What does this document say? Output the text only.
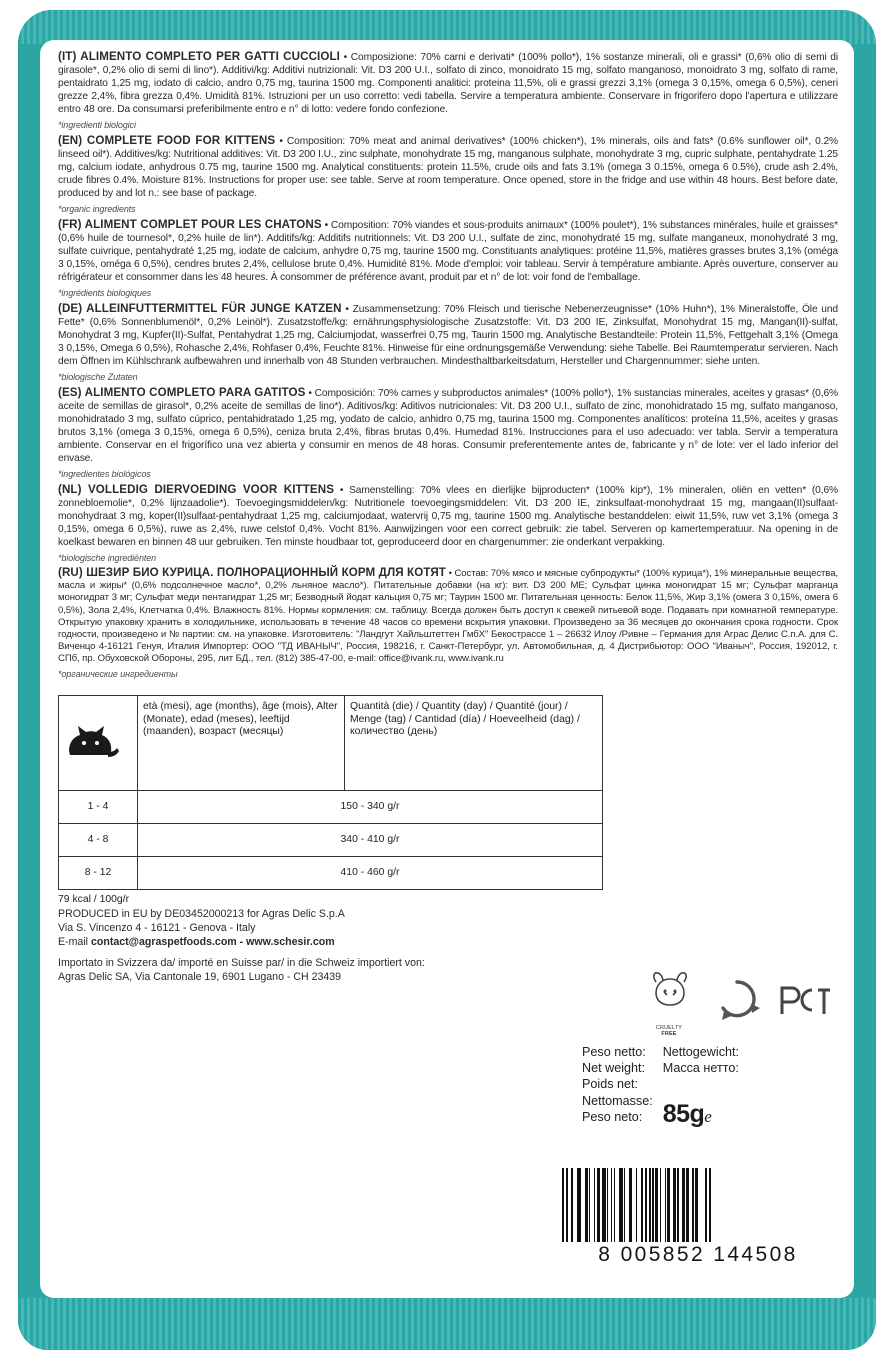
(IT) ALIMENTO COMPLETO PER GATTI CUCCIOLI • Composizione: 70% carni e derivati* (100% pollo*), 1% sostanze minerali, oli e grassi* (0,6% olio di semi di girasole*, 0,2% olio di semi di lino*). Additivi/kg: Additivi nutrizionali: Vit. D3 200 U.I., solfato di zinco, monoidrato 15 mg, solfato manganoso, monoidrato 3 mg, solfato di rame, pentaidrato 1,25 mg, iodato di calcio, andro 0,75 mg, taurina 1500 mg. Componenti analitici: proteina 11,5%, oli e grassi grezzi 3,1% (omega 3 0,15%, omega 6 0,5%), ceneri grezze 2,4%, fibra grezza 0,4%. Umidità 81%. Istruzioni per un uso corretto: vedi tabella. Servire a temperatura ambiente. Conservare in frigorifero dopo l'apertura e utilizzare entro 48 ore. Da consumarsi preferibilmente entro e n° di lotto: vedere fondo confezione.

*ingredienti biologici

(EN) COMPLETE FOOD FOR KITTENS • Composition: 70% meat and animal derivatives* (100% chicken*), 1% minerals, oils and fats* (0.6% sunflower oil*, 0.2% linseed oil*). Additives/kg: Nutritional additives: Vit. D3 200 I.U., zinc sulphate, monohydrate 15 mg, manganous sulphate, monohydrate 3 mg, cupric sulphate, pentahydrate 1.25 mg, calcium iodate, anhydrous 0.75 mg, taurine 1500 mg. Analytical constituents: protein 11.5%, crude oils and fats 3.1% (omega 3 0.15%, omega 6 0.5%), crude ash 2.4%, crude fibres 0.4%. Moisture 81%. Instructions for proper use: see table. Serve at room temperature. Once opened, store in the fridge and use within 48 hours. Best before date, produced by and lot n.: see base of package.

*organic ingredients

(FR) ALIMENT COMPLET POUR LES CHATONS • Composition: 70% viandes et sous-produits animaux* (100% poulet*), 1% substances minérales, huile et graisses* (0,6% huile de tournesol*, 0,2% huile de lin*). Additifs/kg: Additifs nutritionnels: Vit. D3 200 U.I., sulfate de zinc, monohydraté 15 mg, sulfate manganeux, monohydraté 3 mg, sulfate cuivrique, pentahydraté 1,25 mg, iodate de calcium, anhydre 0,75 mg, taurine 1500 mg. Constituants analytiques: protéine 11,5%, matières grasses brutes 3,1% (oméga 3 0,15%, oméga 6 0,5%), cendres brutes 2,4%, cellulose brute 0,4%. Humidité 81%. Mode d'emploi: voir tableau. Servir à température ambiante. Après ouverture, conserver au réfrigérateur et consommer dans les 48 heures. À consommer de préférence avant, produit par et n° de lot: voir fond de l'emballage.

*ingrédients biologiques

(DE) ALLEINFUTTERMITTEL FÜR JUNGE KATZEN • Zusammensetzung: 70% Fleisch und tierische Nebenerzeugnisse* (10% Huhn*), 1% Mineralstoffe, Öle und Fette* (0,6% Sonnenblumenöl*, 0,2% Leinöl*). Zusatzstoffe/kg: ernährungsphysiologische Zusatzstoffe: Vit. D3 200 IE, Zinksulfat, Monohydrat 15 mg, Mangan(II)-sulfat, Monohydrat 3 mg, Kupfer(II)-Sulfat, Pentahydrat 1,25 mg, Calciumjodat, wasserfrei 0,75 mg, Taurin 1500 mg. Analytische Bestandteile: Protein 11,5%, Fettgehalt 3,1% (Omega 3 0,15%, Omega 6 0,5%), Rohasche 2,4%, Rohfaser 0,4%, Feuchte 81%. Hinweise für eine ordnungsgemäße Verwendung: siehe Tabelle. Bei Raumtemperatur servieren. Nach dem Öffnen im Kühlschrank aufbewahren und innerhalb von 48 Stunden verbrauchen. Mindesthaltbarkeitsdatum, Hersteller und Chargennummer: siehe unten.

*biologische Zutaten

(ES) ALIMENTO COMPLETO PARA GATITOS • Composición: 70% carnes y subproductos animales* (100% pollo*), 1% sustancias minerales, aceites y grasas* (0,6% aceite de semillas de girasol*, 0,2% aceite de semillas de lino*). Aditivos/kg: Aditivos nutricionales: Vit. D3 200 U.I., sulfato de zinc, monohidratado 15 mg, sulfato manganoso, monohidratado 3 mg, sulfato cúprico, pentahidratado 1,25 mg, yodato de calcio, anhidro 0,75 mg, taurina 1500 mg. Componentes analíticos: proteína 11,5%, aceites y grasas brutos 3,1% (omega 3 0,15%, omega 6 0,5%), ceniza bruta 2,4%, fibras brutas 0,4%. Humedad 81%. Instrucciones para el uso adecuado: ver tabla. Servir a temperatura ambiente. Conservar en el frigorífico una vez abierta y consumir en menos de 48 horas. Consumir preferentemente antes de, fabricante y n° de lote: ver el lado inferior del envase.

*ingredientes biológicos

(NL) VOLLEDIG DIERVOEDING VOOR KITTENS • Samenstelling: 70% vlees en dierlijke bijproducten* (100% kip*), 1% mineralen, oliën en vetten* (0,6% zonnebloemolie*, 0,2% lijnzaadolie*). Toevoegingsmiddelen/kg: Nutritionele toevoegingsmiddelen: Vit. D3 200 IE, zinksulfaat-monohydraat 15 mg, mangaan(II)sulfaat-monohydraat 3 mg, koper(II)sulfaat-pentahydraat 1,25 mg, calciumjodaat, watervrij 0,75 mg, taurine 1500 mg. Analytische bestanddelen: eiwit 11,5%, ruw vet 3,1% (omega 3 0,15%, omega 6 0,5%), ruwe as 2,4%, ruwe celstof 0,4%. Vocht 81%. Aanwijzingen voor een correct gebruik: zie tabel. Serveren op kamertemperatuur. Na opening in de koelkast bewaren en binnen 48 uur gebruiken. Ten minste houdbaar tot, geproduceerd door en chargenummer: zie onderkant verpakking.

*biologische ingrediënten

(RU) ШЕЗИР БИО КУРИЦА. ПОЛНОРАЦИОННЫЙ КОРМ ДЛЯ КОТЯТ • Состав: 70% мясо и мясные субпродукты* (100% курица*), 1% минеральные вещества, масла и жиры* (0,6% подсолнечное масло*, 0,2% льняное масло*). Питательные добавки (на кг): вит. D3 200 МЕ; Сульфат цинка моногидрат 15 мг; Сульфат марганца моногидрат 3 мг; Сульфат меди пентагидрат 1,25 мг; Безводный йодат кальция 0,75 мг; Таурин 1500 мг. Питательная ценность: Белок 11,5%, Жир 3,1% (омега 3 0,15%, омега 6 0,5%), Зола 2,4%, Клетчатка 0,4%. Влажность 81%. Нормы кормления: см. таблицу. Всегда должен быть доступ к свежей питьевой воде. Подавать при комнатной температуре. Открытую упаковку хранить в холодильнике, использовать в течение 48 часов со времени вскрытия упаковки. Произведено за 36 месяцев до окончания срока годности. Срок годности, произведено и № партии: см. на упаковке. Изготовитель: "Ландгут Хайльштеттен ГмбХ" Бекострассе 1 – 26632 Илоу /Ривне – Германия для Аграс Делис С.п.А. для С. Виченцо 4-16121 Генуя, Италия Импортер: ООО "ТД ИВАНЫЧ", Россия, 198216, г. Санкт-Петербург, ул. Автомобильная, д. 4 Дистрибьютор: ООО "Иваныч", Россия, 192012, г. СПб, пр. Обуховской Обороны, 295, лит БД., тел. (812) 385-47-00, e-mail: office@ivank.ru, www.ivank.ru

*органические ингредиенты

	età (mesi), age (months), âge (mois), Alter (Monate), edad (meses), leeftijd (maanden), возраст (месяцы)	Quantità (die) / Quantity (day) / Quantité (jour) / Menge (tag) / Cantidad (día) / Hoeveelheid (dag) / количество (день)
1 - 4	150 - 340 g/r	
4 - 8	340 - 410 g/r	
8 - 12	410 - 460 g/r	
79 kcal / 100g/r
PRODUCED in EU by DE03452000213 for Agras Delic S.p.A
Via S. Vincenzo 4 - 16121 - Genova - Italy
E-mail contact@agraspetfoods.com - www.schesir.com
Importato in Svizzera da/ importé en Suisse par/ in die Schweiz importiert von:
Agras Delic SA, Via Cantonale 19, 6901 Lugano - CH 23439
CRUELTY
FREE
Peso netto:
Net weight:
Poids net:
Nettomasse:
Peso neto:
Nettogewicht:
Масса нетто:
85ge
8 005852 144508
